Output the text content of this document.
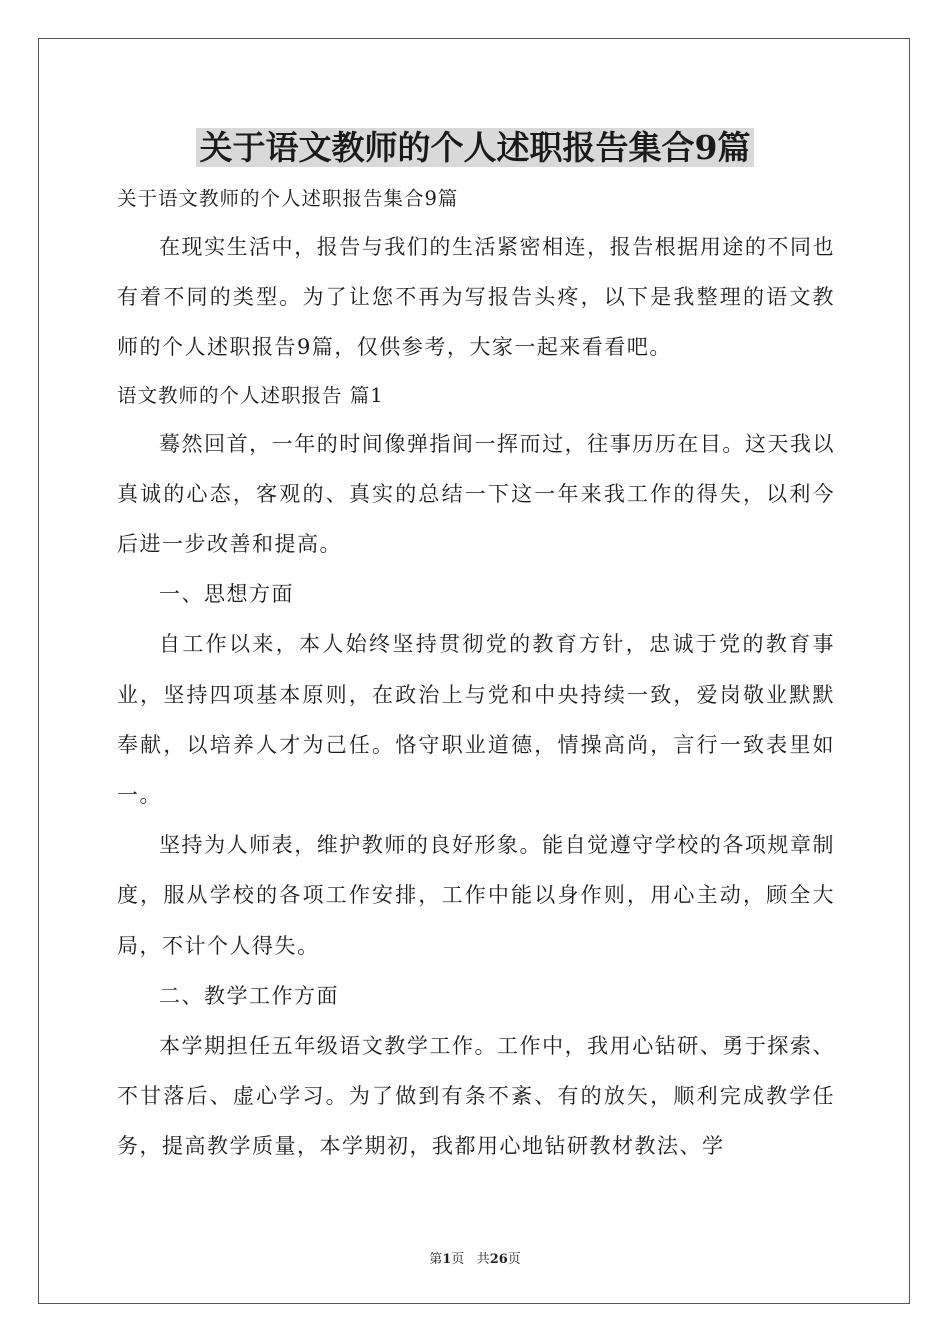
关于语文教师的个人述职报告集合9篇

关于语文教师的个人述职报告集合9篇

在现实生活中，报告与我们的生活紧密相连，报告根据用途的不同也有着不同的类型。为了让您不再为写报告头疼，以下是我整理的语文教师的个人述职报告9篇，仅供参考，大家一起来看看吧。

语文教师的个人述职报告 篇1

蓦然回首，一年的时间像弹指间一挥而过，往事历历在目。这天我以真诚的心态，客观的、真实的总结一下这一年来我工作的得失，以利今后进一步改善和提高。

一、思想方面

自工作以来，本人始终坚持贯彻党的教育方针，忠诚于党的教育事业，坚持四项基本原则，在政治上与党和中央持续一致，爱岗敬业默默奉献，以培养人才为己任。恪守职业道德，情操高尚，言行一致表里如一。

坚持为人师表，维护教师的良好形象。能自觉遵守学校的各项规章制度，服从学校的各项工作安排，工作中能以身作则，用心主动，顾全大局，不计个人得失。

二、教学工作方面

本学期担任五年级语文教学工作。工作中，我用心钻研、勇于探索、不甘落后、虚心学习。为了做到有条不紊、有的放矢，顺利完成教学任务，提高教学质量，本学期初，我都用心地钻研教材教法、学

第1页 共26页
